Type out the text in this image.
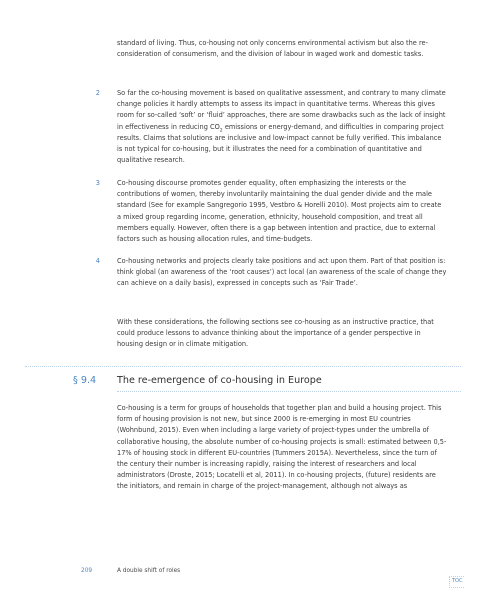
standard of living. Thus, co-housing not only concerns environmental activism but also the re-consideration of consumerism, and the division of labour in waged work and domestic tasks.

2	So far the co-housing movement is based on qualitative assessment, and contrary to many climate change policies it hardly attempts to assess its impact in quantitative terms. Whereas this gives room for so-called ‘soft’ or ‘fluid’ approaches, there are some drawbacks such as the lack of insight in effectiveness in reducing $CO_2$ emissions or energy-demand, and difficulties in comparing project results. Claims that solutions are inclusive and low-impact cannot be fully verified. This imbalance is not typical for co-housing, but it illustrates the need for a combination of quantitative and qualitative research.

3	Co-housing discourse promotes gender equality, often emphasizing the interests or the contributions of women, thereby involuntarily maintaining the dual gender divide and the male standard (See for example Sangregorio 1995, Vestbro & Horelli 2010). Most projects aim to create a mixed group regarding income, generation, ethnicity, household composition, and treat all members equally. However, often there is a gap between intention and practice, due to external factors such as housing allocation rules, and time-budgets.

4	Co-housing networks and projects clearly take positions and act upon them. Part of that position is: think global (an awareness of the ‘root causes’) act local (an awareness of the scale of change they can achieve on a daily basis), expressed in concepts such as ‘Fair Trade’.

With these considerations, the following sections see co-housing as an instructive practice, that could produce lessons to advance thinking about the importance of a gender perspective in housing design or in climate mitigation.

§ 9.4 The re-emergence of co-housing in Europe

Co-housing is a term for groups of households that together plan and build a housing project. This form of housing provision is not new, but since 2000 is re-emerging in most EU countries (Wohnbund, 2015). Even when including a large variety of project-types under the umbrella of collaborative housing, the absolute number of co-housing projects is small: estimated between 0,5-17% of housing stock in different EU-countries (Tummers 2015A). Nevertheless, since the turn of the century their number is increasing rapidly, raising the interest of researchers and local administrators (Droste, 2015; Locatelli et al, 2011). In co-housing projects, (future) residents are the initiators, and remain in charge of the project-management, although not always as

209	A double shift of roles
TOC
